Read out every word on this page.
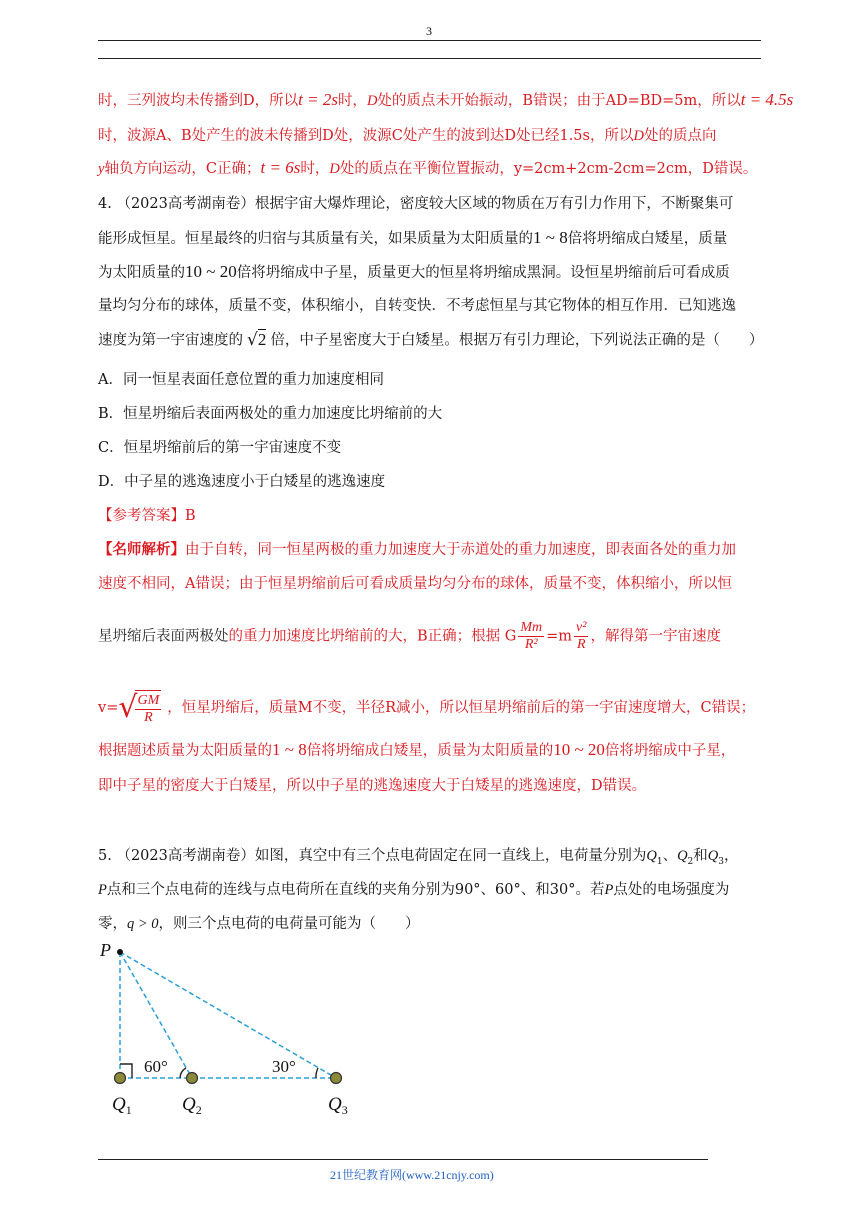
3
时，三列波均未传播到D，所以t = 2s时，D处的质点未开始振动，B错误；由于AD=BD=5m，所以t = 4.5s
时，波源A、B处产生的波未传播到D处，波源C处产生的波到达D处已经1.5s，所以D处的质点向
y轴负方向运动，C正确；t = 6s时，D处的质点在平衡位置振动，y=2cm+2cm-2cm=2cm，D错误。
4. （2023高考湖南卷）根据宇宙大爆炸理论，密度较大区域的物质在万有引力作用下，不断聚集可
能形成恒星。恒星最终的归宿与其质量有关，如果质量为太阳质量的1 ~ 8倍将坍缩成白矮星，质量
为太阳质量的10 ~ 20倍将坍缩成中子星，质量更大的恒星将坍缩成黑洞。设恒星坍缩前后可看成质
量均匀分布的球体，质量不变，体积缩小，自转变快．不考虑恒星与其它物体的相互作用．已知逃逸
速度为第一宇宙速度的 √2 倍，中子星密度大于白矮星。根据万有引力理论，下列说法正确的是（　　）
A．同一恒星表面任意位置的重力加速度相同
B．恒星坍缩后表面两极处的重力加速度比坍缩前的大
C．恒星坍缩前后的第一宇宙速度不变
D．中子星的逃逸速度小于白矮星的逃逸速度
【参考答案】B
【名师解析】由于自转，同一恒星两极的重力加速度大于赤道处的重力加速度，即表面各处的重力加
速度不相同，A错误；由于恒星坍缩前后可看成质量均匀分布的球体，质量不变，体积缩小，所以恒
星坍缩后表面两极处的重力加速度比坍缩前的大，B正确；根据 G $\frac{Mm}{\text{R²}} =m \frac{\text{v²}}{R}$ ，解得第一宇宙速度
v=√
$\frac{GM}{R}$ ，恒星坍缩后，质量M不变，半径R减小，所以恒星坍缩前后的第一宇宙速度增大，C错误；
根据题述质量为太阳质量的1 ~ 8倍将坍缩成白矮星，质量为太阳质量的10 ~ 20倍将坍缩成中子星，
即中子星的密度大于白矮星，所以中子星的逃逸速度大于白矮星的逃逸速度，D错误。
5. （2023高考湖南卷）如图，真空中有三个点电荷固定在同一直线上，电荷量分别为$Q_1$、$Q_2$和$Q_3$，
P点和三个点电荷的连线与点电荷所在直线的夹角分别为90°、60°、和30°。若P点处的电场强度为
零，q > 0，则三个点电荷的电荷量可能为（　　）
P
60°	30°
$Q_1$	$Q_2$	$Q_3$
21世纪教育网(www.21cnjy.com)
